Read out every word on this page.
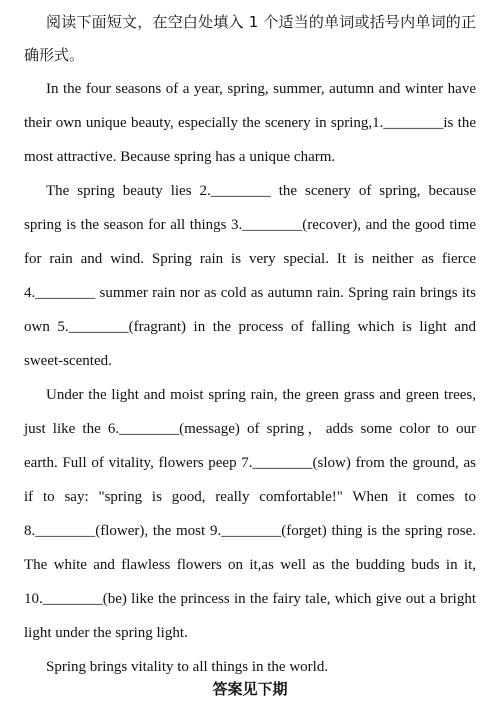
阅读下面短文，在空白处填入 1 个适当的单词或括号内单词的正确形式。

In the four seasons of a year, spring, summer, autumn and winter have their own unique beauty, especially the scenery in spring,1.________is the most attractive. Because spring has a unique charm.

The spring beauty lies 2.________ the scenery of spring, because spring is the season for all things 3.________(recover), and the good time for rain and wind. Spring rain is very special. It is neither as fierce 4.________ summer rain nor as cold as autumn rain. Spring rain brings its own 5.________(fragrant) in the process of falling which is light and sweet-scented.

Under the light and moist spring rain, the green grass and green trees, just like the 6.________(message) of spring，adds some color to our earth. Full of vitality, flowers peep 7.________(slow) from the ground, as if to say: "spring is good, really comfortable!" When it comes to 8.________(flower), the most 9.________(forget) thing is the spring rose. The white and flawless flowers on it,as well as the budding buds in it, 10.________(be) like the princess in the fairy tale, which give out a bright light under the spring light.

Spring brings vitality to all things in the world.

答案见下期
